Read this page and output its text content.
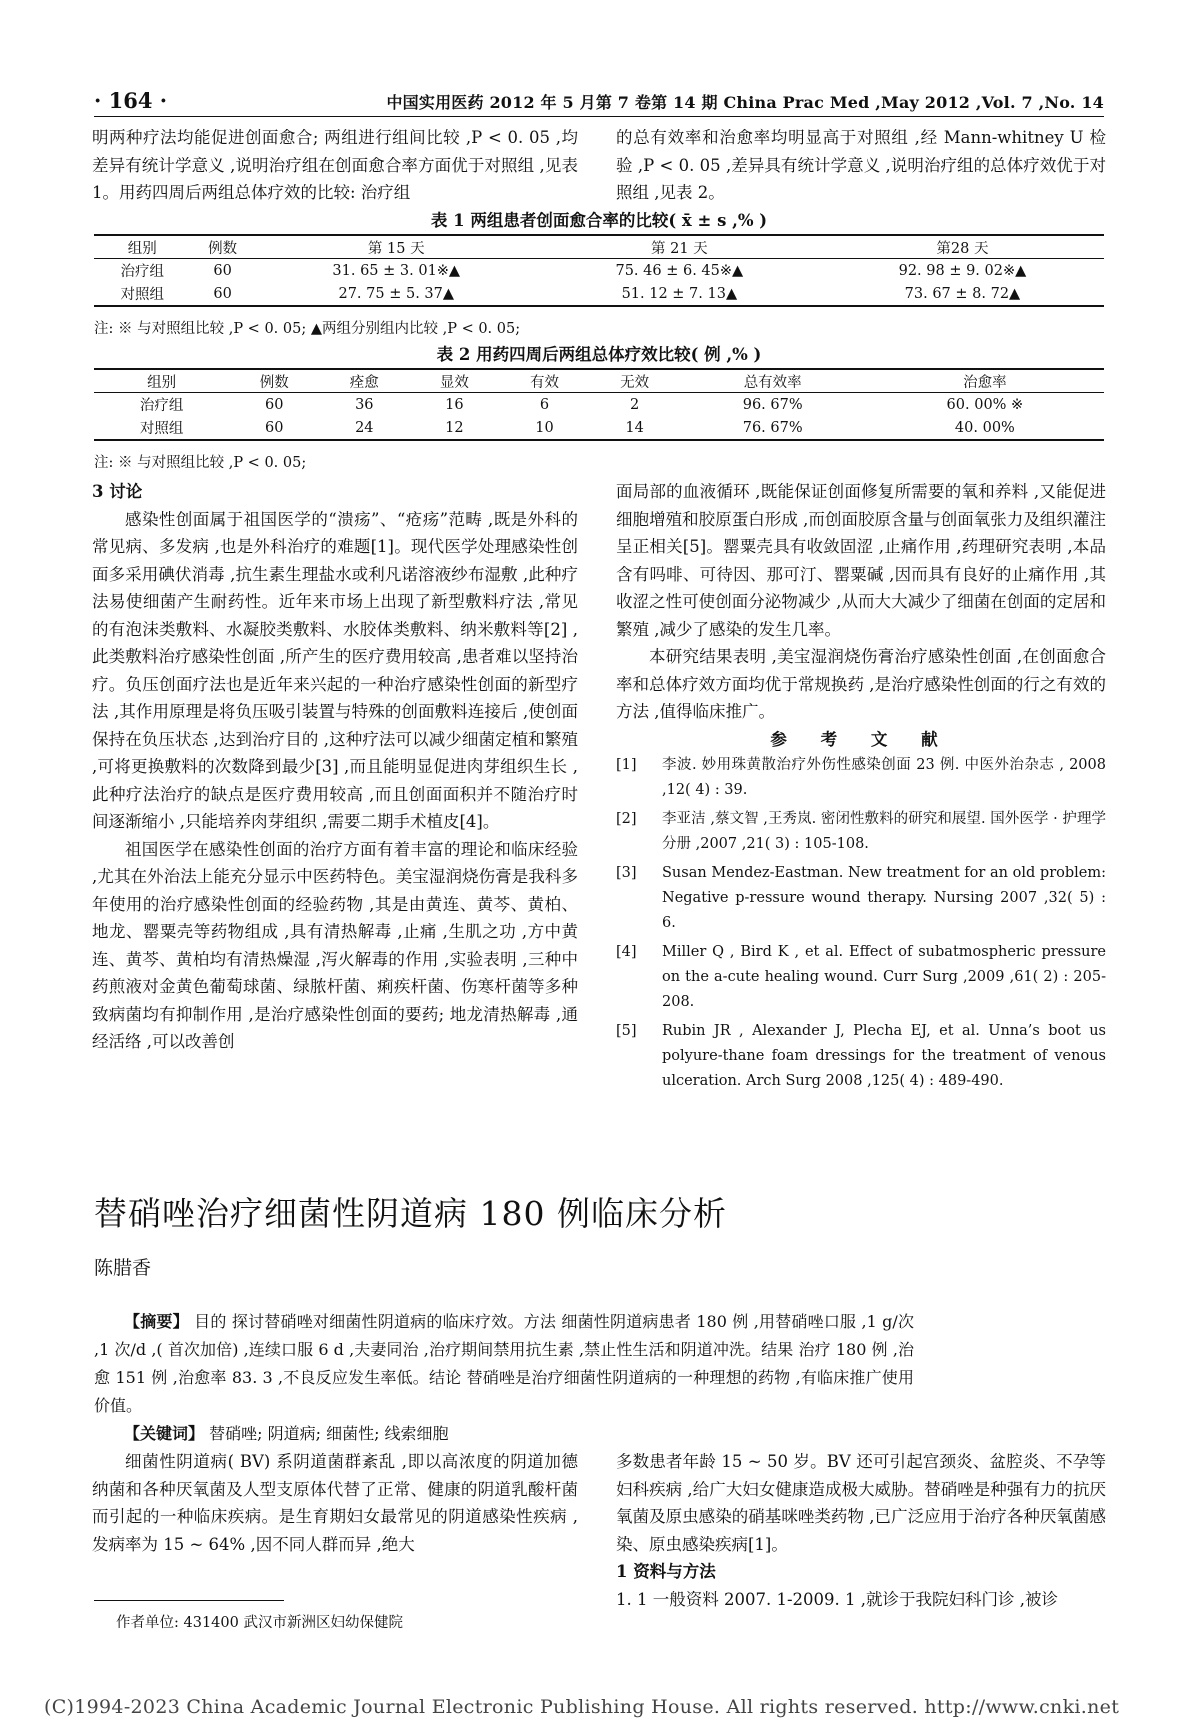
· 164 ·	中国实用医药 2012 年 5 月第 7 卷第 14 期 China Prac Med ,May 2012 ,Vol. 7 ,No. 14

明两种疗法均能促进创面愈合; 两组进行组间比较 ,P < 0. 05 ,均差异有统计学意义 ,说明治疗组在创面愈合率方面优于对照组 ,见表 1。用药四周后两组总体疗效的比较: 治疗组

的总有效率和治愈率均明显高于对照组 ,经 Mann-whitney U 检验 ,P < 0. 05 ,差异具有统计学意义 ,说明治疗组的总体疗效优于对照组 ,见表 2。

表 1 两组患者创面愈合率的比较( x̄ ± s ,% )
组别	例数	第 15 天	第 21 天	第28 天
治疗组	60	31. 65 ± 3. 01※▲	75. 46 ± 6. 45※▲	92. 98 ± 9. 02※▲
对照组	60	27. 75 ± 5. 37▲	51. 12 ± 7. 13▲	73. 67 ± 8. 72▲
注: ※ 与对照组比较 ,P < 0. 05; ▲两组分别组内比较 ,P < 0. 05;
表 2 用药四周后两组总体疗效比较( 例 ,% )
组别	例数	痊愈	显效	有效	无效	总有效率	治愈率
治疗组	60	36	16	6	2	96. 67%	60. 00% ※
对照组	60	24	12	10	14	76. 67%	40. 00%
注: ※ 与对照组比较 ,P < 0. 05;

3 讨论

感染性创面属于祖国医学的“溃疡”、“疮疡”范畴 ,既是外科的常见病、多发病 ,也是外科治疗的难题[1]。现代医学处理感染性创面多采用碘伏消毒 ,抗生素生理盐水或利凡诺溶液纱布湿敷 ,此种疗法易使细菌产生耐药性。近年来市场上出现了新型敷料疗法 ,常见的有泡沫类敷料、水凝胶类敷料、水胶体类敷料、纳米敷料等[2] ,此类敷料治疗感染性创面 ,所产生的医疗费用较高 ,患者难以坚持治疗。负压创面疗法也是近年来兴起的一种治疗感染性创面的新型疗法 ,其作用原理是将负压吸引装置与特殊的创面敷料连接后 ,使创面保持在负压状态 ,达到治疗目的 ,这种疗法可以减少细菌定植和繁殖 ,可将更换敷料的次数降到最少[3] ,而且能明显促进肉芽组织生长 ,此种疗法治疗的缺点是医疗费用较高 ,而且创面面积并不随治疗时间逐渐缩小 ,只能培养肉芽组织 ,需要二期手术植皮[4]。

祖国医学在感染性创面的治疗方面有着丰富的理论和临床经验 ,尤其在外治法上能充分显示中医药特色。美宝湿润烧伤膏是我科多年使用的治疗感染性创面的经验药物 ,其是由黄连、黄芩、黄柏、地龙、罂粟壳等药物组成 ,具有清热解毒 ,止痛 ,生肌之功 ,方中黄连、黄芩、黄柏均有清热燥湿 ,泻火解毒的作用 ,实验表明 ,三种中药煎液对金黄色葡萄球菌、绿脓杆菌、痢疾杆菌、伤寒杆菌等多种致病菌均有抑制作用 ,是治疗感染性创面的要药; 地龙清热解毒 ,通经活络 ,可以改善创

面局部的血液循环 ,既能保证创面修复所需要的氧和养料 ,又能促进细胞增殖和胶原蛋白形成 ,而创面胶原含量与创面氧张力及组织灌注呈正相关[5]。罂粟壳具有收敛固涩 ,止痛作用 ,药理研究表明 ,本品含有吗啡、可待因、那可汀、罂粟碱 ,因而具有良好的止痛作用 ,其收涩之性可使创面分泌物减少 ,从而大大减少了细菌在创面的定居和繁殖 ,减少了感染的发生几率。

本研究结果表明 ,美宝湿润烧伤膏治疗感染性创面 ,在创面愈合率和总体疗效方面均优于常规换药 ,是治疗感染性创面的行之有效的方法 ,值得临床推广。

参 考 文 献

[1] 李波. 妙用珠黄散治疗外伤性感染创面 23 例. 中医外治杂志 , 2008 ,12( 4) : 39.
[2] 李亚洁 ,蔡文智 ,王秀岚. 密闭性敷料的研究和展望. 国外医学 · 护理学分册 ,2007 ,21( 3) : 105-108.
[3] Susan Mendez-Eastman. New treatment for an old problem: Negative p-ressure wound therapy. Nursing 2007 ,32( 5) : 6.
[4] Miller Q , Bird K , et al. Effect of subatmospheric pressure on the a-cute healing wound. Curr Surg ,2009 ,61( 2) : 205-208.
[5] Rubin JR , Alexander J, Plecha EJ, et al. Unna’s boot us polyure-thane foam dressings for the treatment of venous ulceration. Arch Surg 2008 ,125( 4) : 489-490.
替硝唑治疗细菌性阴道病 180 例临床分析
陈腊香

【摘要】 目的 探讨替硝唑对细菌性阴道病的临床疗效。方法 细菌性阴道病患者 180 例 ,用替硝唑口服 ,1 g/次 ,1 次/d ,( 首次加倍) ,连续口服 6 d ,夫妻同治 ,治疗期间禁用抗生素 ,禁止性生活和阴道冲洗。结果 治疗 180 例 ,治愈 151 例 ,治愈率 83. 3 ,不良反应发生率低。结论 替硝唑是治疗细菌性阴道病的一种理想的药物 ,有临床推广使用价值。

【关键词】 替硝唑; 阴道病; 细菌性; 线索细胞

细菌性阴道病( BV) 系阴道菌群紊乱 ,即以高浓度的阴道加德纳菌和各种厌氧菌及人型支原体代替了正常、健康的阴道乳酸杆菌而引起的一种临床疾病。是生育期妇女最常见的阴道感染性疾病 ,发病率为 15 ~ 64% ,因不同人群而异 ,绝大

多数患者年龄 15 ~ 50 岁。BV 还可引起宫颈炎、盆腔炎、不孕等妇科疾病 ,给广大妇女健康造成极大威胁。替硝唑是种强有力的抗厌氧菌及原虫感染的硝基咪唑类药物 ,已广泛应用于治疗各种厌氧菌感染、原虫感染疾病[1]。

1 资料与方法

1. 1 一般资料 2007. 1-2009. 1 ,就诊于我院妇科门诊 ,被诊

作者单位: 431400 武汉市新洲区妇幼保健院
(C)1994-2023 China Academic Journal Electronic Publishing House. All rights reserved. http://www.cnki.net
